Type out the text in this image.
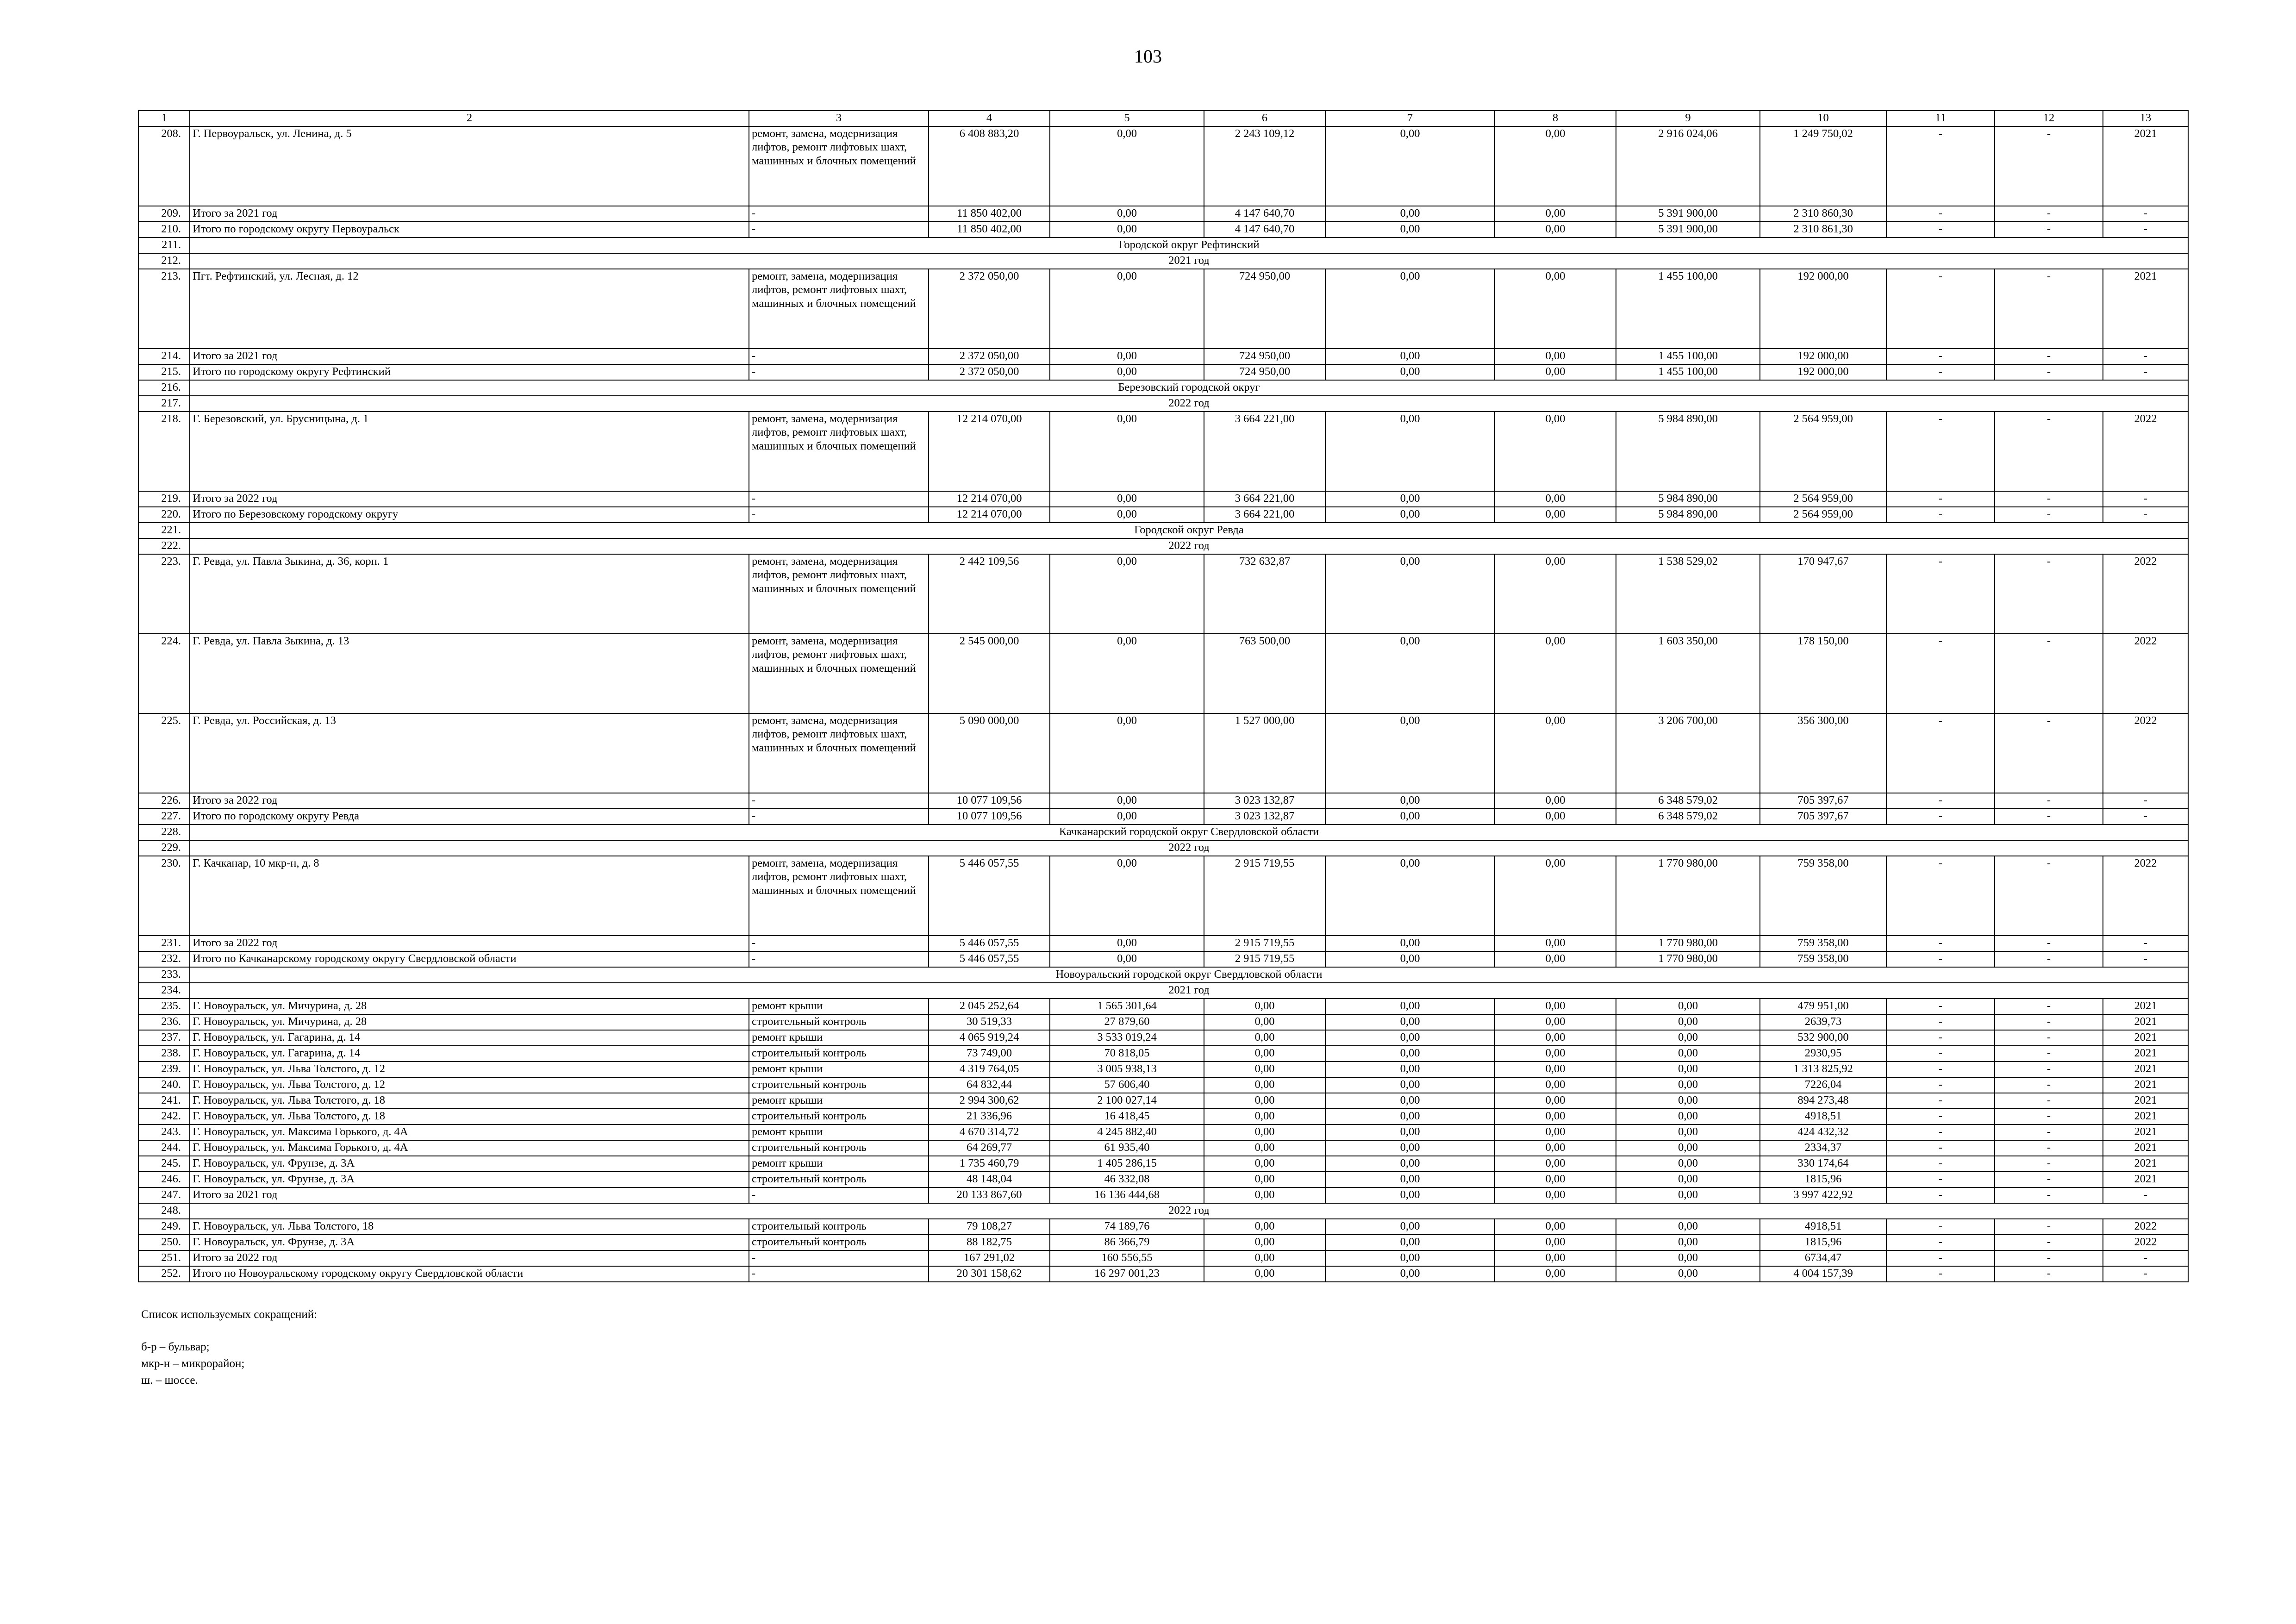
103
1	2	3	4	5	6	7	8	9	10	11	12	13
208.	Г. Первоуральск, ул. Ленина, д. 5	ремонт, замена, модернизация лифтов, ремонт лифтовых шахт, машинных и блочных помещений	6 408 883,20	0,00	2 243 109,12	0,00	0,00	2 916 024,06	1 249 750,02	-	-	2021
209.	Итого за 2021 год	-	11 850 402,00	0,00	4 147 640,70	0,00	0,00	5 391 900,00	2 310 860,30	-	-	-
210.	Итого по городскому округу Первоуральск	-	11 850 402,00	0,00	4 147 640,70	0,00	0,00	5 391 900,00	2 310 861,30	-	-	-
211.	Городской округ Рефтинский											
212.	2021 год											
213.	Пгт. Рефтинский, ул. Лесная, д. 12	ремонт, замена, модернизация лифтов, ремонт лифтовых шахт, машинных и блочных помещений	2 372 050,00	0,00	724 950,00	0,00	0,00	1 455 100,00	192 000,00	-	-	2021
214.	Итого за 2021 год	-	2 372 050,00	0,00	724 950,00	0,00	0,00	1 455 100,00	192 000,00	-	-	-
215.	Итого по городскому округу Рефтинский	-	2 372 050,00	0,00	724 950,00	0,00	0,00	1 455 100,00	192 000,00	-	-	-
216.	Березовский городской округ											
217.	2022 год											
218.	Г. Березовский, ул. Брусницына, д. 1	ремонт, замена, модернизация лифтов, ремонт лифтовых шахт, машинных и блочных помещений	12 214 070,00	0,00	3 664 221,00	0,00	0,00	5 984 890,00	2 564 959,00	-	-	2022
219.	Итого за 2022 год	-	12 214 070,00	0,00	3 664 221,00	0,00	0,00	5 984 890,00	2 564 959,00	-	-	-
220.	Итого по Березовскому городскому округу	-	12 214 070,00	0,00	3 664 221,00	0,00	0,00	5 984 890,00	2 564 959,00	-	-	-
221.	Городской округ Ревда											
222.	2022 год											
223.	Г. Ревда, ул. Павла Зыкина, д. 36, корп. 1	ремонт, замена, модернизация лифтов, ремонт лифтовых шахт, машинных и блочных помещений	2 442 109,56	0,00	732 632,87	0,00	0,00	1 538 529,02	170 947,67	-	-	2022
224.	Г. Ревда, ул. Павла Зыкина, д. 13	ремонт, замена, модернизация лифтов, ремонт лифтовых шахт, машинных и блочных помещений	2 545 000,00	0,00	763 500,00	0,00	0,00	1 603 350,00	178 150,00	-	-	2022
225.	Г. Ревда, ул. Российская, д. 13	ремонт, замена, модернизация лифтов, ремонт лифтовых шахт, машинных и блочных помещений	5 090 000,00	0,00	1 527 000,00	0,00	0,00	3 206 700,00	356 300,00	-	-	2022
226.	Итого за 2022 год	-	10 077 109,56	0,00	3 023 132,87	0,00	0,00	6 348 579,02	705 397,67	-	-	-
227.	Итого по городскому округу Ревда	-	10 077 109,56	0,00	3 023 132,87	0,00	0,00	6 348 579,02	705 397,67	-	-	-
228.	Качканарский городской округ Свердловской области											
229.	2022 год											
230.	Г. Качканар, 10 мкр-н, д. 8	ремонт, замена, модернизация лифтов, ремонт лифтовых шахт, машинных и блочных помещений	5 446 057,55	0,00	2 915 719,55	0,00	0,00	1 770 980,00	759 358,00	-	-	2022
231.	Итого за 2022 год	-	5 446 057,55	0,00	2 915 719,55	0,00	0,00	1 770 980,00	759 358,00	-	-	-
232.	Итого по Качканарскому городскому округу Свердловской области	-	5 446 057,55	0,00	2 915 719,55	0,00	0,00	1 770 980,00	759 358,00	-	-	-
233.	Новоуральский городской округ Свердловской области											
234.	2021 год											
235.	Г. Новоуральск, ул. Мичурина, д. 28	ремонт крыши	2 045 252,64	1 565 301,64	0,00	0,00	0,00	0,00	479 951,00	-	-	2021
236.	Г. Новоуральск, ул. Мичурина, д. 28	строительный контроль	30 519,33	27 879,60	0,00	0,00	0,00	0,00	2639,73	-	-	2021
237.	Г. Новоуральск, ул. Гагарина, д. 14	ремонт крыши	4 065 919,24	3 533 019,24	0,00	0,00	0,00	0,00	532 900,00	-	-	2021
238.	Г. Новоуральск, ул. Гагарина, д. 14	строительный контроль	73 749,00	70 818,05	0,00	0,00	0,00	0,00	2930,95	-	-	2021
239.	Г. Новоуральск, ул. Льва Толстого, д. 12	ремонт крыши	4 319 764,05	3 005 938,13	0,00	0,00	0,00	0,00	1 313 825,92	-	-	2021
240.	Г. Новоуральск, ул. Льва Толстого, д. 12	строительный контроль	64 832,44	57 606,40	0,00	0,00	0,00	0,00	7226,04	-	-	2021
241.	Г. Новоуральск, ул. Льва Толстого, д. 18	ремонт крыши	2 994 300,62	2 100 027,14	0,00	0,00	0,00	0,00	894 273,48	-	-	2021
242.	Г. Новоуральск, ул. Льва Толстого, д. 18	строительный контроль	21 336,96	16 418,45	0,00	0,00	0,00	0,00	4918,51	-	-	2021
243.	Г. Новоуральск, ул. Максима Горького, д. 4А	ремонт крыши	4 670 314,72	4 245 882,40	0,00	0,00	0,00	0,00	424 432,32	-	-	2021
244.	Г. Новоуральск, ул. Максима Горького, д. 4А	строительный контроль	64 269,77	61 935,40	0,00	0,00	0,00	0,00	2334,37	-	-	2021
245.	Г. Новоуральск, ул. Фрунзе, д. 3А	ремонт крыши	1 735 460,79	1 405 286,15	0,00	0,00	0,00	0,00	330 174,64	-	-	2021
246.	Г. Новоуральск, ул. Фрунзе, д. 3А	строительный контроль	48 148,04	46 332,08	0,00	0,00	0,00	0,00	1815,96	-	-	2021
247.	Итого за 2021 год	-	20 133 867,60	16 136 444,68	0,00	0,00	0,00	0,00	3 997 422,92	-	-	-
248.	2022 год											
249.	Г. Новоуральск, ул. Льва Толстого, 18	строительный контроль	79 108,27	74 189,76	0,00	0,00	0,00	0,00	4918,51	-	-	2022
250.	Г. Новоуральск, ул. Фрунзе, д. 3А	строительный контроль	88 182,75	86 366,79	0,00	0,00	0,00	0,00	1815,96	-	-	2022
251.	Итого за 2022 год	-	167 291,02	160 556,55	0,00	0,00	0,00	0,00	6734,47	-	-	-
252.	Итого по Новоуральскому городскому округу Свердловской области	-	20 301 158,62	16 297 001,23	0,00	0,00	0,00	0,00	4 004 157,39	-	-	-
Список используемых сокращений:
б-р – бульвар;
мкр-н – микрорайон;
ш. – шоссе.
